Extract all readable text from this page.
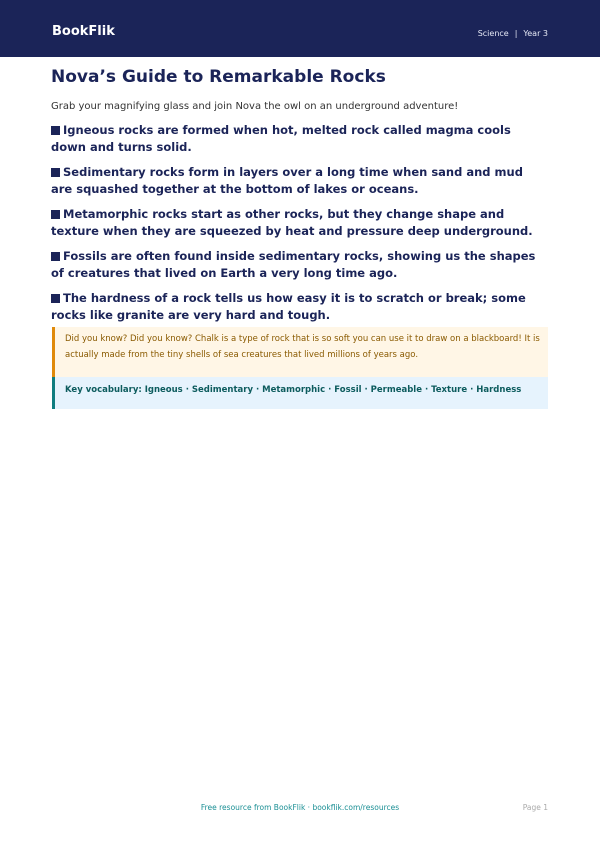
BookFlik	Science | Year 3
Nova’s Guide to Remarkable Rocks

Grab your magnifying glass and join Nova the owl on an underground adventure!

Igneous rocks are formed when hot, melted rock called magma cools down and turns solid.
Sedimentary rocks form in layers over a long time when sand and mud are squashed together at the bottom of lakes or oceans.
Metamorphic rocks start as other rocks, but they change shape and texture when they are squeezed by heat and pressure deep underground.
Fossils are often found inside sedimentary rocks, showing us the shapes of creatures that lived on Earth a very long time ago.
The hardness of a rock tells us how easy it is to scratch or break; some rocks like granite are very hard and tough.
Did you know? Did you know? Chalk is a type of rock that is so soft you can use it to draw on a blackboard! It is actually made from the tiny shells of sea creatures that lived millions of years ago.
Key vocabulary: Igneous · Sedimentary · Metamorphic · Fossil · Permeable · Texture · Hardness
Free resource from BookFlik · bookflik.com/resources	Page 1
